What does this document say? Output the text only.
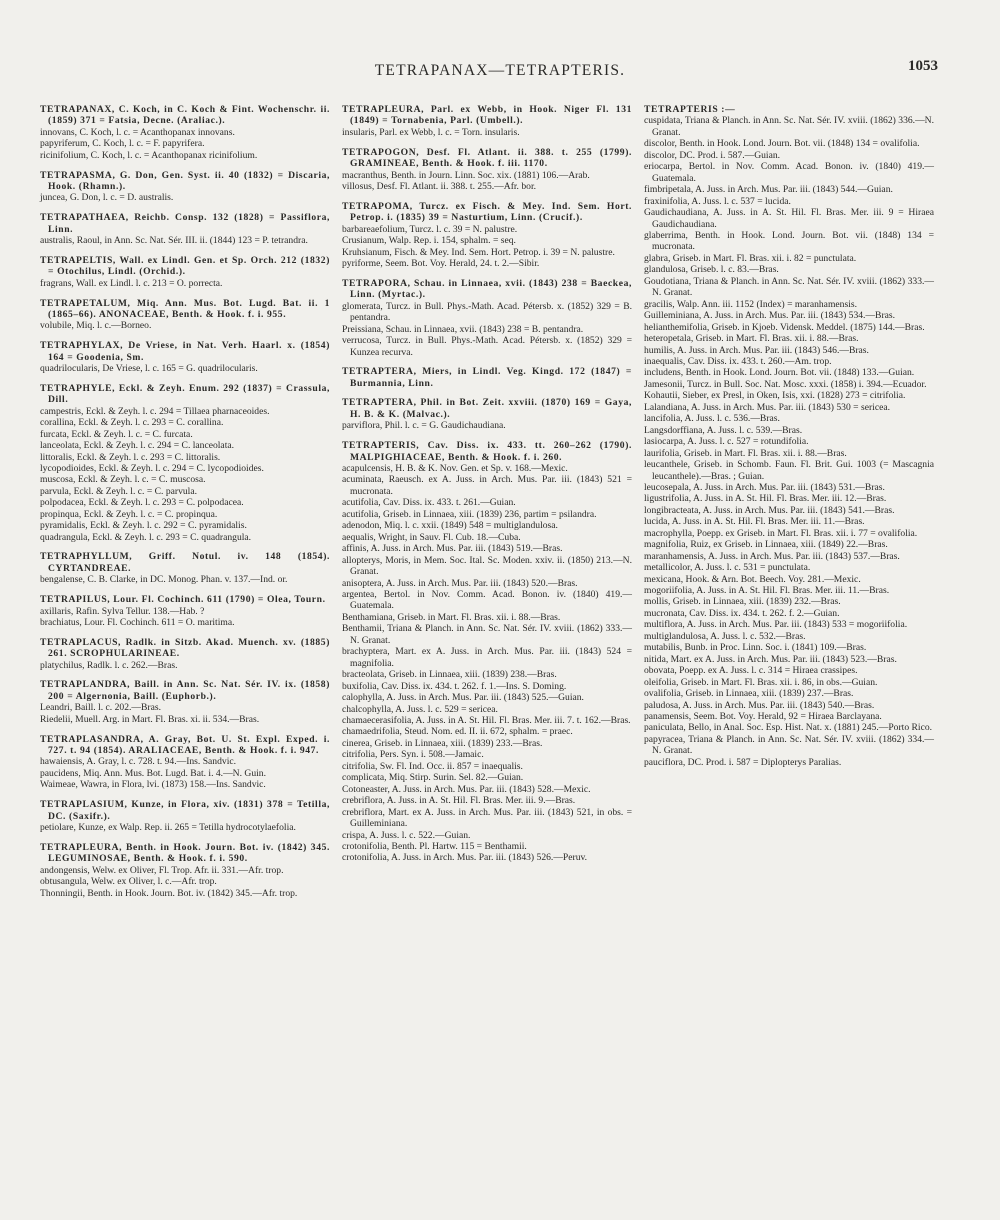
TETRAPANAX—TETRAPTERIS.	1053
TETRAPANAX, C. Koch, in C. Koch & Fint. Wochenschr. ii. (1859) 371 = Fatsia, Decne. (Araliac.).
innovans, C. Koch, l. c. = Acanthopanax innovans.
papyriferum, C. Koch, l. c. = F. papyrifera.
ricinifolium, C. Koch, l. c. = Acanthopanax ricinifolium.
TETRAPASMA, G. Don, Gen. Syst. ii. 40 (1832) = Discaria, Hook. (Rhamn.).
juncea, G. Don, l. c. = D. australis.
TETRAPATHAEA, Reichb. Consp. 132 (1828) = Passiflora, Linn.
australis, Raoul, in Ann. Sc. Nat. Sér. III. ii. (1844) 123 = P. tetrandra.
TETRAPELTIS, Wall. ex Lindl. Gen. et Sp. Orch. 212 (1832) = Otochilus, Lindl. (Orchid.).
fragrans, Wall. ex Lindl. l. c. 213 = O. porrecta.
TETRAPETALUM, Miq. Ann. Mus. Bot. Lugd. Bat. ii. 1 (1865–66). ANONACEAE, Benth. & Hook. f. i. 955.
volubile, Miq. l. c.—Borneo.
TETRAPHYLAX, De Vriese, in Nat. Verh. Haarl. x. (1854) 164 = Goodenia, Sm.
quadrilocularis, De Vriese, l. c. 165 = G. quadrilocularis.
TETRAPHYLE, Eckl. & Zeyh. Enum. 292 (1837) = Crassula, Dill.
campestris, Eckl. & Zeyh. l. c. 294 = Tillaea pharnaceoides.
corallina, Eckl. & Zeyh. l. c. 293 = C. corallina.
furcata, Eckl. & Zeyh. l. c. = C. furcata.
lanceolata, Eckl. & Zeyh. l. c. 294 = C. lanceolata.
littoralis, Eckl. & Zeyh. l. c. 293 = C. littoralis.
lycopodioides, Eckl. & Zeyh. l. c. 294 = C. lycopodioides.
muscosa, Eckl. & Zeyh. l. c. = C. muscosa.
parvula, Eckl. & Zeyh. l. c. = C. parvula.
polpodacea, Eckl. & Zeyh. l. c. 293 = C. polpodacea.
propinqua, Eckl. & Zeyh. l. c. = C. propinqua.
pyramidalis, Eckl. & Zeyh. l. c. 292 = C. pyramidalis.
quadrangula, Eckl. & Zeyh. l. c. 293 = C. quadrangula.
TETRAPHYLLUM, Griff. Notul. iv. 148 (1854). CYRTANDREAE.
bengalense, C. B. Clarke, in DC. Monog. Phan. v. 137.—Ind. or.
TETRAPILUS, Lour. Fl. Cochinch. 611 (1790) = Olea, Tourn.
axillaris, Rafin. Sylva Tellur. 138.—Hab. ?
brachiatus, Lour. Fl. Cochinch. 611 = O. maritima.
TETRAPLACUS, Radlk. in Sitzb. Akad. Muench. xv. (1885) 261. SCROPHULARINEAE.
platychilus, Radlk. l. c. 262.—Bras.
TETRAPLANDRA, Baill. in Ann. Sc. Nat. Sér. IV. ix. (1858) 200 = Algernonia, Baill. (Euphorb.).
Leandri, Baill. l. c. 202.—Bras.
Riedelii, Muell. Arg. in Mart. Fl. Bras. xi. ii. 534.—Bras.
TETRAPLASANDRA, A. Gray, Bot. U. St. Expl. Exped. i. 727. t. 94 (1854). ARALIACEAE, Benth. & Hook. f. i. 947.
hawaiensis, A. Gray, l. c. 728. t. 94.—Ins. Sandvic.
paucidens, Miq. Ann. Mus. Bot. Lugd. Bat. i. 4.—N. Guin.
Waimeae, Wawra, in Flora, lvi. (1873) 158.—Ins. Sandvic.
TETRAPLASIUM, Kunze, in Flora, xiv. (1831) 378 = Tetilla, DC. (Saxifr.).
petiolare, Kunze, ex Walp. Rep. ii. 265 = Tetilla hydrocotylaefolia.
TETRAPLEURA, Benth. in Hook. Journ. Bot. iv. (1842) 345. LEGUMINOSAE, Benth. & Hook. f. i. 590.
andongensis, Welw. ex Oliver, Fl. Trop. Afr. ii. 331.—Afr. trop.
obtusangula, Welw. ex Oliver, l. c.—Afr. trop.
Thonningii, Benth. in Hook. Journ. Bot. iv. (1842) 345.—Afr. trop.
TETRAPLEURA, Parl. ex Webb, in Hook. Niger Fl. 131 (1849) = Tornabenia, Parl. (Umbell.).
insularis, Parl. ex Webb, l. c. = Torn. insularis.
TETRAPOGON, Desf. Fl. Atlant. ii. 388. t. 255 (1799). GRAMINEAE, Benth. & Hook. f. iii. 1170.
macranthus, Benth. in Journ. Linn. Soc. xix. (1881) 106.—Arab.
villosus, Desf. Fl. Atlant. ii. 388. t. 255.—Afr. bor.
TETRAPOMA, Turcz. ex Fisch. & Mey. Ind. Sem. Hort. Petrop. i. (1835) 39 = Nasturtium, Linn. (Crucif.).
barbareaefolium, Turcz. l. c. 39 = N. palustre.
Crusianum, Walp. Rep. i. 154, sphalm. = seq.
Kruhsianum, Fisch. & Mey. Ind. Sem. Hort. Petrop. i. 39 = N. palustre.
pyriforme, Seem. Bot. Voy. Herald, 24. t. 2.—Sibir.
TETRAPORA, Schau. in Linnaea, xvii. (1843) 238 = Baeckea, Linn. (Myrtac.).
glomerata, Turcz. in Bull. Phys.-Math. Acad. Pétersb. x. (1852) 329 = B. pentandra.
Preissiana, Schau. in Linnaea, xvii. (1843) 238 = B. pentandra.
verrucosa, Turcz. in Bull. Phys.-Math. Acad. Pétersb. x. (1852) 329 = Kunzea recurva.
TETRAPTERA, Miers, in Lindl. Veg. Kingd. 172 (1847) = Burmannia, Linn.
TETRAPTERA, Phil. in Bot. Zeit. xxviii. (1870) 169 = Gaya, H. B. & K. (Malvac.).
parviflora, Phil. l. c. = G. Gaudichaudiana.
TETRAPTERIS, Cav. Diss. ix. 433. tt. 260–262 (1790). MALPIGHIACEAE, Benth. & Hook. f. i. 260.
acapulcensis, H. B. & K. Nov. Gen. et Sp. v. 168.—Mexic.
acuminata, Raeusch. ex A. Juss. in Arch. Mus. Par. iii. (1843) 521 = mucronata.
acutifolia, Cav. Diss. ix. 433. t. 261.—Guian.
acutifolia, Griseb. in Linnaea, xiii. (1839) 236, partim = psilandra.
adenodon, Miq. l. c. xxii. (1849) 548 = multiglandulosa.
aequalis, Wright, in Sauv. Fl. Cub. 18.—Cuba.
affinis, A. Juss. in Arch. Mus. Par. iii. (1843) 519.—Bras.
allopterys, Moris, in Mem. Soc. Ital. Sc. Moden. xxiv. ii. (1850) 213.—N. Granat.
anisoptera, A. Juss. in Arch. Mus. Par. iii. (1843) 520.—Bras.
argentea, Bertol. in Nov. Comm. Acad. Bonon. iv. (1840) 419.—Guatemala.
Benthamiana, Griseb. in Mart. Fl. Bras. xii. i. 88.—Bras.
Benthamii, Triana & Planch. in Ann. Sc. Nat. Sér. IV. xviii. (1862) 333.—N. Granat.
brachyptera, Mart. ex A. Juss. in Arch. Mus. Par. iii. (1843) 524 = magnifolia.
bracteolata, Griseb. in Linnaea, xiii. (1839) 238.—Bras.
buxifolia, Cav. Diss. ix. 434. t. 262. f. 1.—Ins. S. Doming.
calophylla, A. Juss. in Arch. Mus. Par. iii. (1843) 525.—Guian.
chalcophylla, A. Juss. l. c. 529 = sericea.
chamaecerasifolia, A. Juss. in A. St. Hil. Fl. Bras. Mer. iii. 7. t. 162.—Bras.
chamaedrifolia, Steud. Nom. ed. II. ii. 672, sphalm. = praec.
cinerea, Griseb. in Linnaea, xiii. (1839) 233.—Bras.
citrifolia, Pers. Syn. i. 508.—Jamaic.
citrifolia, Sw. Fl. Ind. Occ. ii. 857 = inaequalis.
complicata, Miq. Stirp. Surin. Sel. 82.—Guian.
Cotoneaster, A. Juss. in Arch. Mus. Par. iii. (1843) 528.—Mexic.
crebriflora, A. Juss. in A. St. Hil. Fl. Bras. Mer. iii. 9.—Bras.
crebriflora, Mart. ex A. Juss. in Arch. Mus. Par. iii. (1843) 521, in obs. = Guilleminiana.
crispa, A. Juss. l. c. 522.—Guian.
crotonifolia, Benth. Pl. Hartw. 115 = Benthamii.
crotonifolia, A. Juss. in Arch. Mus. Par. iii. (1843) 526.—Peruv.
TETRAPTERIS :—
cuspidata, Triana & Planch. in Ann. Sc. Nat. Sér. IV. xviii. (1862) 336.—N. Granat.
discolor, Benth. in Hook. Lond. Journ. Bot. vii. (1848) 134 = ovalifolia.
discolor, DC. Prod. i. 587.—Guian.
eriocarpa, Bertol. in Nov. Comm. Acad. Bonon. iv. (1840) 419.—Guatemala.
fimbripetala, A. Juss. in Arch. Mus. Par. iii. (1843) 544.—Guian.
fraxinifolia, A. Juss. l. c. 537 = lucida.
Gaudichaudiana, A. Juss. in A. St. Hil. Fl. Bras. Mer. iii. 9 = Hiraea Gaudichaudiana.
glaberrima, Benth. in Hook. Lond. Journ. Bot. vii. (1848) 134 = mucronata.
glabra, Griseb. in Mart. Fl. Bras. xii. i. 82 = punctulata.
glandulosa, Griseb. l. c. 83.—Bras.
Goudotiana, Triana & Planch. in Ann. Sc. Nat. Sér. IV. xviii. (1862) 333.—N. Granat.
gracilis, Walp. Ann. iii. 1152 (Index) = maranhamensis.
Guilleminiana, A. Juss. in Arch. Mus. Par. iii. (1843) 534.—Bras.
helianthemifolia, Griseb. in Kjoeb. Vidensk. Meddel. (1875) 144.—Bras.
heteropetala, Griseb. in Mart. Fl. Bras. xii. i. 88.—Bras.
humilis, A. Juss. in Arch. Mus. Par. iii. (1843) 546.—Bras.
inaequalis, Cav. Diss. ix. 433. t. 260.—Am. trop.
includens, Benth. in Hook. Lond. Journ. Bot. vii. (1848) 133.—Guian.
Jamesonii, Turcz. in Bull. Soc. Nat. Mosc. xxxi. (1858) i. 394.—Ecuador.
Kohautii, Sieber, ex Presl, in Oken, Isis, xxi. (1828) 273 = citrifolia.
Lalandiana, A. Juss. in Arch. Mus. Par. iii. (1843) 530 = sericea.
lancifolia, A. Juss. l. c. 536.—Bras.
Langsdorffiana, A. Juss. l. c. 539.—Bras.
lasiocarpa, A. Juss. l. c. 527 = rotundifolia.
laurifolia, Griseb. in Mart. Fl. Bras. xii. i. 88.—Bras.
leucanthele, Griseb. in Schomb. Faun. Fl. Brit. Gui. 1003 (= Mascagnia leucanthele).—Bras. ; Guian.
leucosepala, A. Juss. in Arch. Mus. Par. iii. (1843) 531.—Bras.
ligustrifolia, A. Juss. in A. St. Hil. Fl. Bras. Mer. iii. 12.—Bras.
longibracteata, A. Juss. in Arch. Mus. Par. iii. (1843) 541.—Bras.
lucida, A. Juss. in A. St. Hil. Fl. Bras. Mer. iii. 11.—Bras.
macrophylla, Poepp. ex Griseb. in Mart. Fl. Bras. xii. i. 77 = ovalifolia.
magnifolia, Ruiz, ex Griseb. in Linnaea, xiii. (1849) 22.—Bras.
maranhamensis, A. Juss. in Arch. Mus. Par. iii. (1843) 537.—Bras.
metallicolor, A. Juss. l. c. 531 = punctulata.
mexicana, Hook. & Arn. Bot. Beech. Voy. 281.—Mexic.
mogoriifolia, A. Juss. in A. St. Hil. Fl. Bras. Mer. iii. 11.—Bras.
mollis, Griseb. in Linnaea, xiii. (1839) 232.—Bras.
mucronata, Cav. Diss. ix. 434. t. 262. f. 2.—Guian.
multiflora, A. Juss. in Arch. Mus. Par. iii. (1843) 533 = mogoriifolia.
multiglandulosa, A. Juss. l. c. 532.—Bras.
mutabilis, Bunb. in Proc. Linn. Soc. i. (1841) 109.—Bras.
nitida, Mart. ex A. Juss. in Arch. Mus. Par. iii. (1843) 523.—Bras.
obovata, Poepp. ex A. Juss. l. c. 314 = Hiraea crassipes.
oleifolia, Griseb. in Mart. Fl. Bras. xii. i. 86, in obs.—Guian.
ovalifolia, Griseb. in Linnaea, xiii. (1839) 237.—Bras.
paludosa, A. Juss. in Arch. Mus. Par. iii. (1843) 540.—Bras.
panamensis, Seem. Bot. Voy. Herald, 92 = Hiraea Barclayana.
paniculata, Bello, in Anal. Soc. Esp. Hist. Nat. x. (1881) 245.—Porto Rico.
papyracea, Triana & Planch. in Ann. Sc. Nat. Sér. IV. xviii. (1862) 334.—N. Granat.
pauciflora, DC. Prod. i. 587 = Diplopterys Paralias.
